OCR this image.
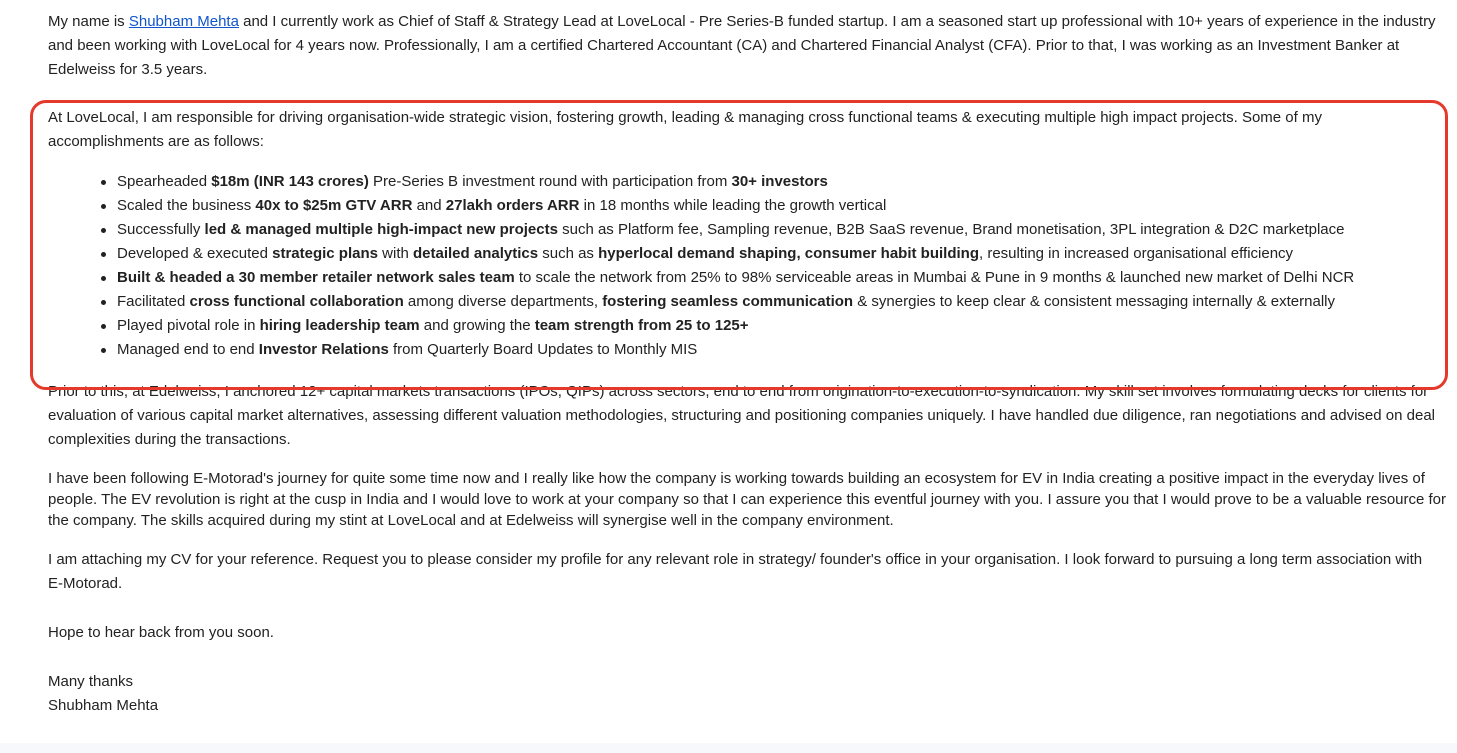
My name is Shubham Mehta and I currently work as Chief of Staff & Strategy Lead at LoveLocal - Pre Series-B funded startup. I am a seasoned start up professional with 10+ years of experience in the industry and been working with LoveLocal for 4 years now. Professionally, I am a certified Chartered Accountant (CA) and Chartered Financial Analyst (CFA). Prior to that, I was working as an Investment Banker at Edelweiss for 3.5 years.

At LoveLocal, I am responsible for driving organisation-wide strategic vision, fostering growth, leading & managing cross functional teams & executing multiple high impact projects. Some of my accomplishments are as follows:

Spearheaded $18m (INR 143 crores) Pre-Series B investment round with participation from 30+ investors
Scaled the business 40x to $25m GTV ARR and 27lakh orders ARR in 18 months while leading the growth vertical
Successfully led & managed multiple high-impact new projects such as Platform fee, Sampling revenue, B2B SaaS revenue, Brand monetisation, 3PL integration & D2C marketplace
Developed & executed strategic plans with detailed analytics such as hyperlocal demand shaping, consumer habit building, resulting in increased organisational efficiency
Built & headed a 30 member retailer network sales team to scale the network from 25% to 98% serviceable areas in Mumbai & Pune in 9 months & launched new market of Delhi NCR
Facilitated cross functional collaboration among diverse departments, fostering seamless communication & synergies to keep clear & consistent messaging internally & externally
Played pivotal role in hiring leadership team and growing the team strength from 25 to 125+
Managed end to end Investor Relations from Quarterly Board Updates to Monthly MIS

Prior to this, at Edelweiss, I anchored 12+ capital markets transactions (IPOs, QIPs) across sectors, end to end from origination-to-execution-to-syndication. My skill set involves formulating decks for clients for evaluation of various capital market alternatives, assessing different valuation methodologies, structuring and positioning companies uniquely. I have handled due diligence, ran negotiations and advised on deal complexities during the transactions.

I have been following E-Motorad's journey for quite some time now and I really like how the company is working towards building an ecosystem for EV in India creating a positive impact in the everyday lives of people. The EV revolution is right at the cusp in India and I would love to work at your company so that I can experience this eventful journey with you. I assure you that I would prove to be a valuable resource for the company. The skills acquired during my stint at LoveLocal and at Edelweiss will synergise well in the company environment.

I am attaching my CV for your reference. Request you to please consider my profile for any relevant role in strategy/ founder's office in your organisation. I look forward to pursuing a long term association with E-Motorad.

Hope to hear back from you soon.

Many thanks

Shubham Mehta
